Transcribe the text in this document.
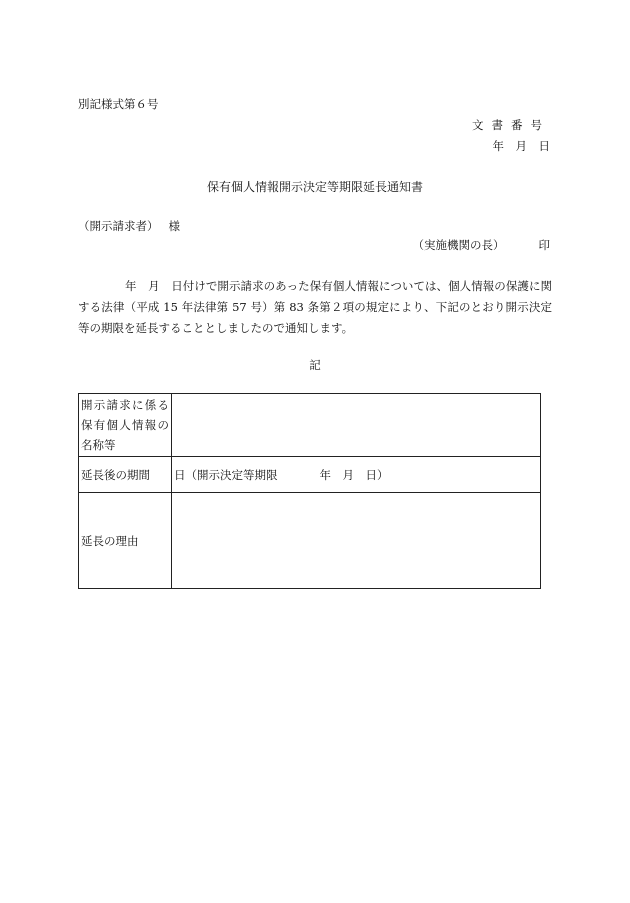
別記様式第６号
文書番号
年　月　日
保有個人情報開示決定等期限延長通知書
（開示請求者） 様
（実施機関の長）	印
年　月　日付けで開示請求のあった保有個人情報については、個人情報の保護に関する法律（平成 15 年法律第 57 号）第 83 条第２項の規定により、下記のとおり開示決定等の期限を延長することとしましたので通知します。
記
開示請求に係る
保有個人情報の
名称等	

延長後の期間	日（開示決定等期限 年　月　日）
延長の理由	
